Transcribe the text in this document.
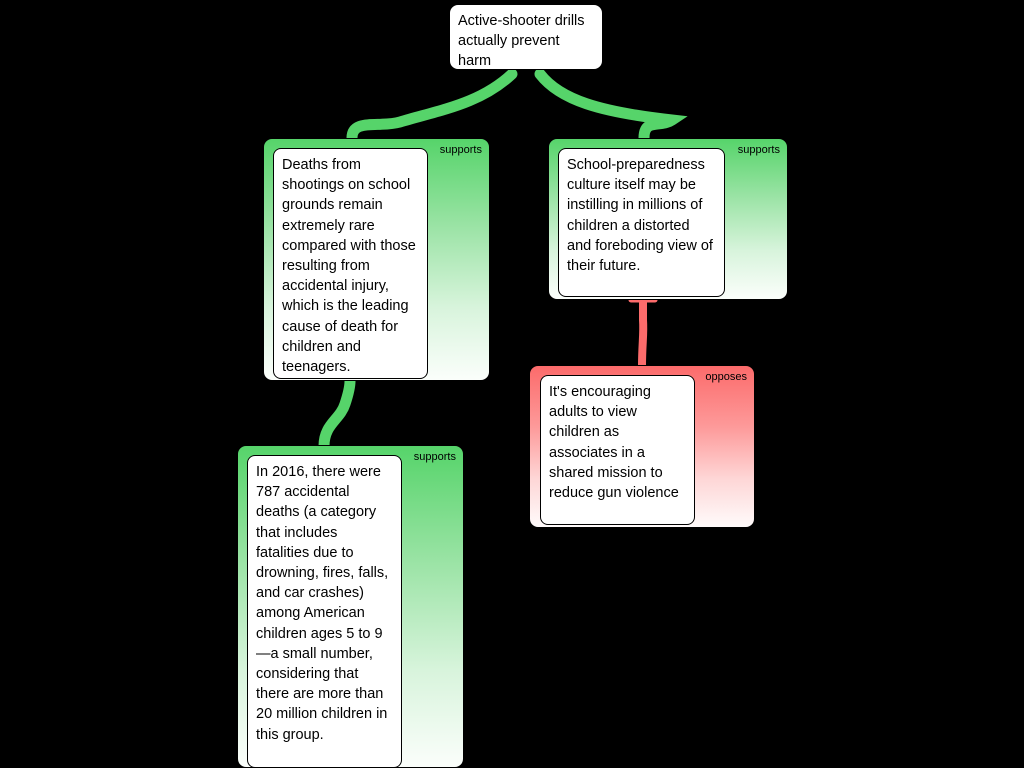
Active-shooter drills actually prevent harm
supports
Deaths from shootings on school grounds remain extremely rare compared with those resulting from accidental injury, which is the leading cause of death for children and teenagers.
supports
School-preparedness culture itself may be instilling in millions of children a distorted and foreboding view of their future.
supports
In 2016, there were 787 accidental deaths (a category that includes fatalities due to drowning, fires, falls, and car crashes) among American children ages 5 to 9—a small number, considering that there are more than 20 million children in this group.
opposes
It's encouraging adults to view children as associates in a shared mission to reduce gun violence
